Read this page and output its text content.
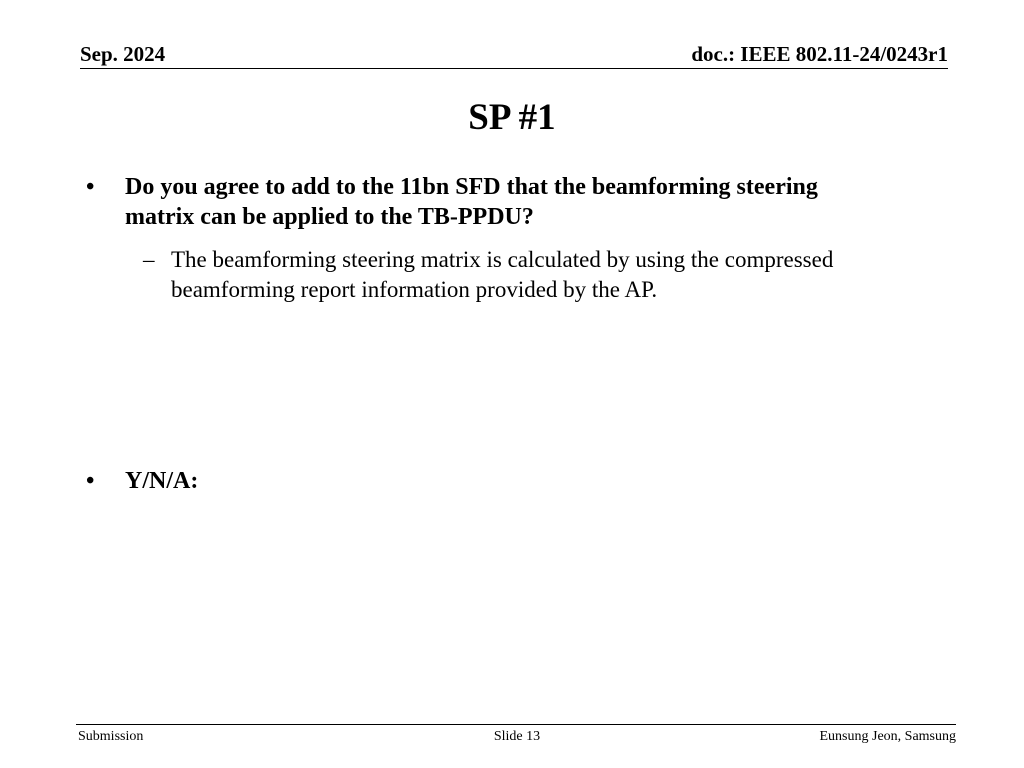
Sep. 2024	doc.: IEEE 802.11-24/0243r1
SP #1
• Do you agree to add to the 11bn SFD that the beamforming steering matrix can be applied to the TB-PPDU?
– The beamforming steering matrix is calculated by using the compressed beamforming report information provided by the AP.
• Y/N/A:
Submission	Slide 13	Eunsung Jeon, Samsung
